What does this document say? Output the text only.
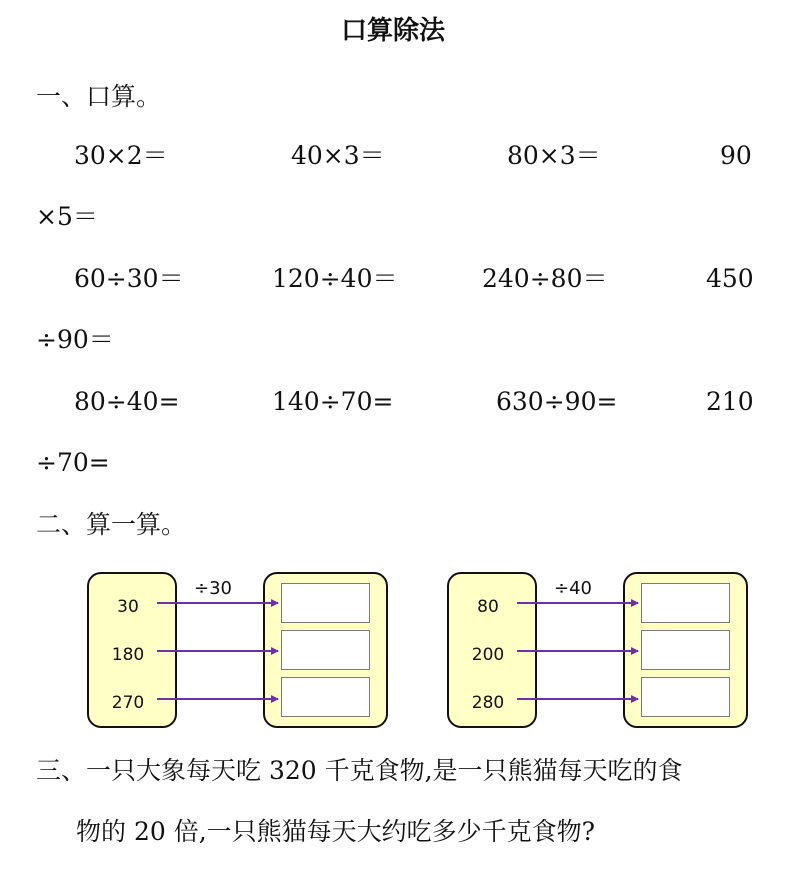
口算除法
一、口算。
30×2＝	40×3＝	80×3＝	90
×5＝
60÷30＝	120÷40＝	240÷80＝	450
÷90＝
80÷40=	140÷70=	630÷90=	210
÷70=
二、算一算。
30
180
270
÷30
80
200
280
÷40
三、一只大象每天吃 320 千克食物,是一只熊猫每天吃的食
物的 20 倍,一只熊猫每天大约吃多少千克食物?
